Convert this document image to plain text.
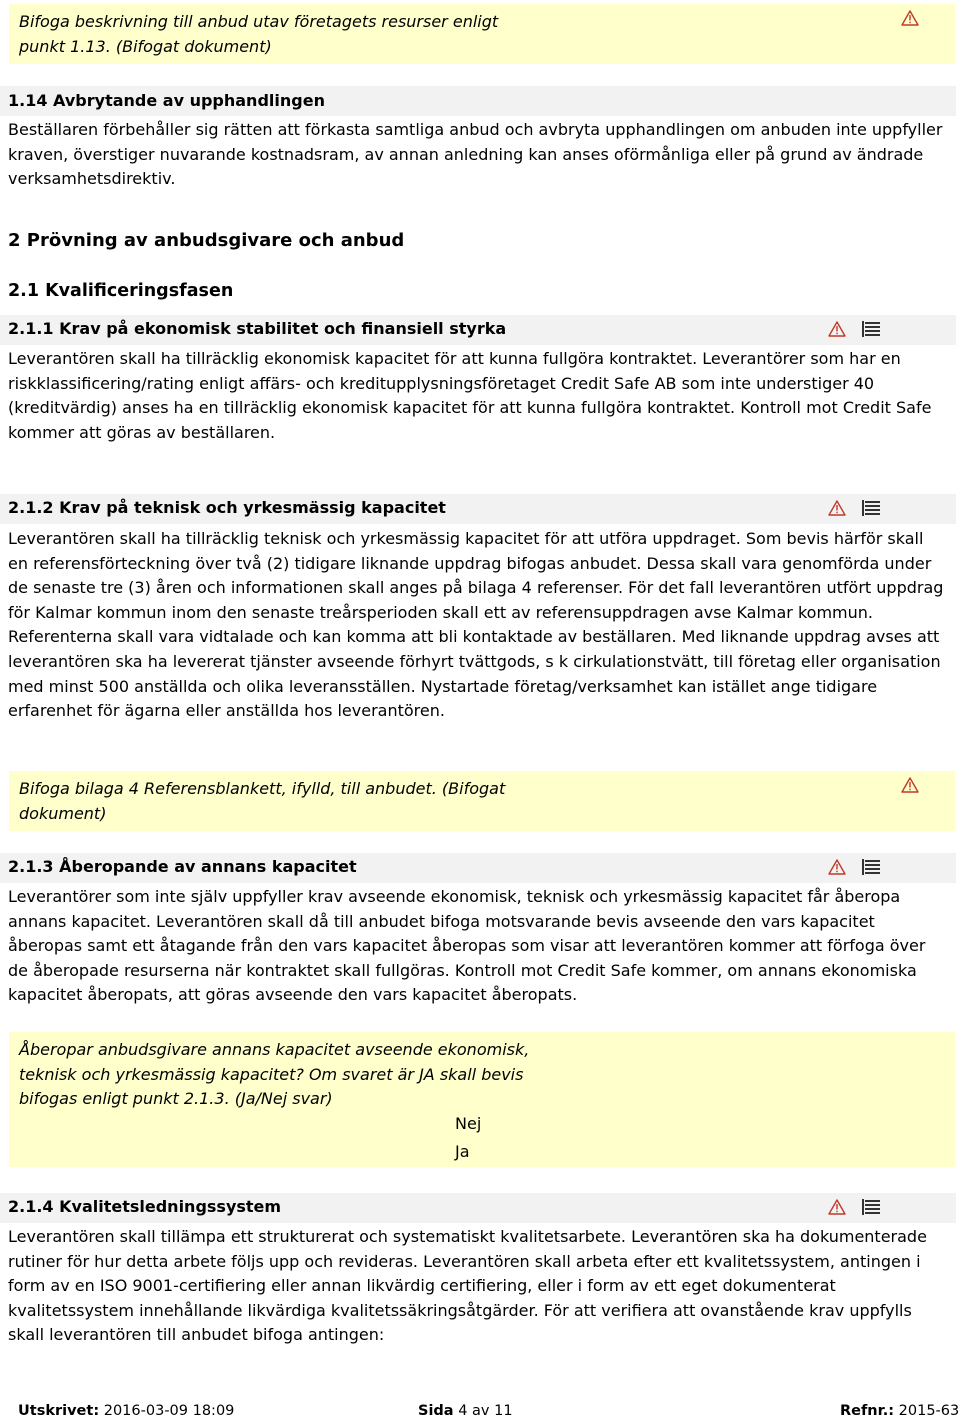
Bifoga beskrivning till anbud utav företagets resurser enligt punkt 1.13. (Bifogat dokument)
1.14 Avbrytande av upphandlingen
Beställaren förbehåller sig rätten att förkasta samtliga anbud och avbryta upphandlingen om anbuden inte uppfyller kraven, överstiger nuvarande kostnadsram, av annan anledning kan anses oförmånliga eller på grund av ändrade verksamhetsdirektiv.
2 Prövning av anbudsgivare och anbud
2.1 Kvalificeringsfasen
2.1.1 Krav på ekonomisk stabilitet och finansiell styrka
Leverantören skall ha tillräcklig ekonomisk kapacitet för att kunna fullgöra kontraktet. Leverantörer som har en riskklassificering/rating enligt affärs- och kreditupplysningsföretaget Credit Safe AB som inte understiger 40 (kreditvärdig) anses ha en tillräcklig ekonomisk kapacitet för att kunna fullgöra kontraktet. Kontroll mot Credit Safe kommer att göras av beställaren.
2.1.2 Krav på teknisk och yrkesmässig kapacitet
Leverantören skall ha tillräcklig teknisk och yrkesmässig kapacitet för att utföra uppdraget. Som bevis härför skall en referensförteckning över två (2) tidigare liknande uppdrag bifogas anbudet. Dessa skall vara genomförda under de senaste tre (3) åren och informationen skall anges på bilaga 4 referenser. För det fall leverantören utfört uppdrag för Kalmar kommun inom den senaste treårsperioden skall ett av referensuppdragen avse Kalmar kommun. Referenterna skall vara vidtalade och kan komma att bli kontaktade av beställaren. Med liknande uppdrag avses att leverantören ska ha levererat tjänster avseende förhyrt tvättgods, s k cirkulationstvätt, till företag eller organisation med minst 500 anställda och olika leveransställen. Nystartade företag/verksamhet kan istället ange tidigare erfarenhet för ägarna eller anställda hos leverantören.
Bifoga bilaga 4 Referensblankett, ifylld, till anbudet. (Bifogat dokument)
2.1.3 Åberopande av annans kapacitet
Leverantörer som inte själv uppfyller krav avseende ekonomisk, teknisk och yrkesmässig kapacitet får åberopa annans kapacitet. Leverantören skall då till anbudet bifoga motsvarande bevis avseende den vars kapacitet åberopas samt ett åtagande från den vars kapacitet åberopas som visar att leverantören kommer att förfoga över de åberopade resurserna när kontraktet skall fullgöras. Kontroll mot Credit Safe kommer, om annans ekonomiska kapacitet åberopats, att göras avseende den vars kapacitet åberopats.
Åberopar anbudsgivare annans kapacitet avseende ekonomisk, teknisk och yrkesmässig kapacitet? Om svaret är JA skall bevis bifogas enligt punkt 2.1.3. (Ja/Nej svar)
Nej
Ja
2.1.4 Kvalitetsledningssystem
Leverantören skall tillämpa ett strukturerat och systematiskt kvalitetsarbete. Leverantören ska ha dokumenterade rutiner för hur detta arbete följs upp och revideras. Leverantören skall arbeta efter ett kvalitetssystem, antingen i form av en ISO 9001-certifiering eller annan likvärdig certifiering, eller i form av ett eget dokumenterat kvalitetssystem innehållande likvärdiga kvalitetssäkringsåtgärder. För att verifiera att ovanstående krav uppfylls skall leverantören till anbudet bifoga antingen:
Utskrivet: 2016-03-09 18:09	Sida 4 av 11	Refnr.: 2015-63
